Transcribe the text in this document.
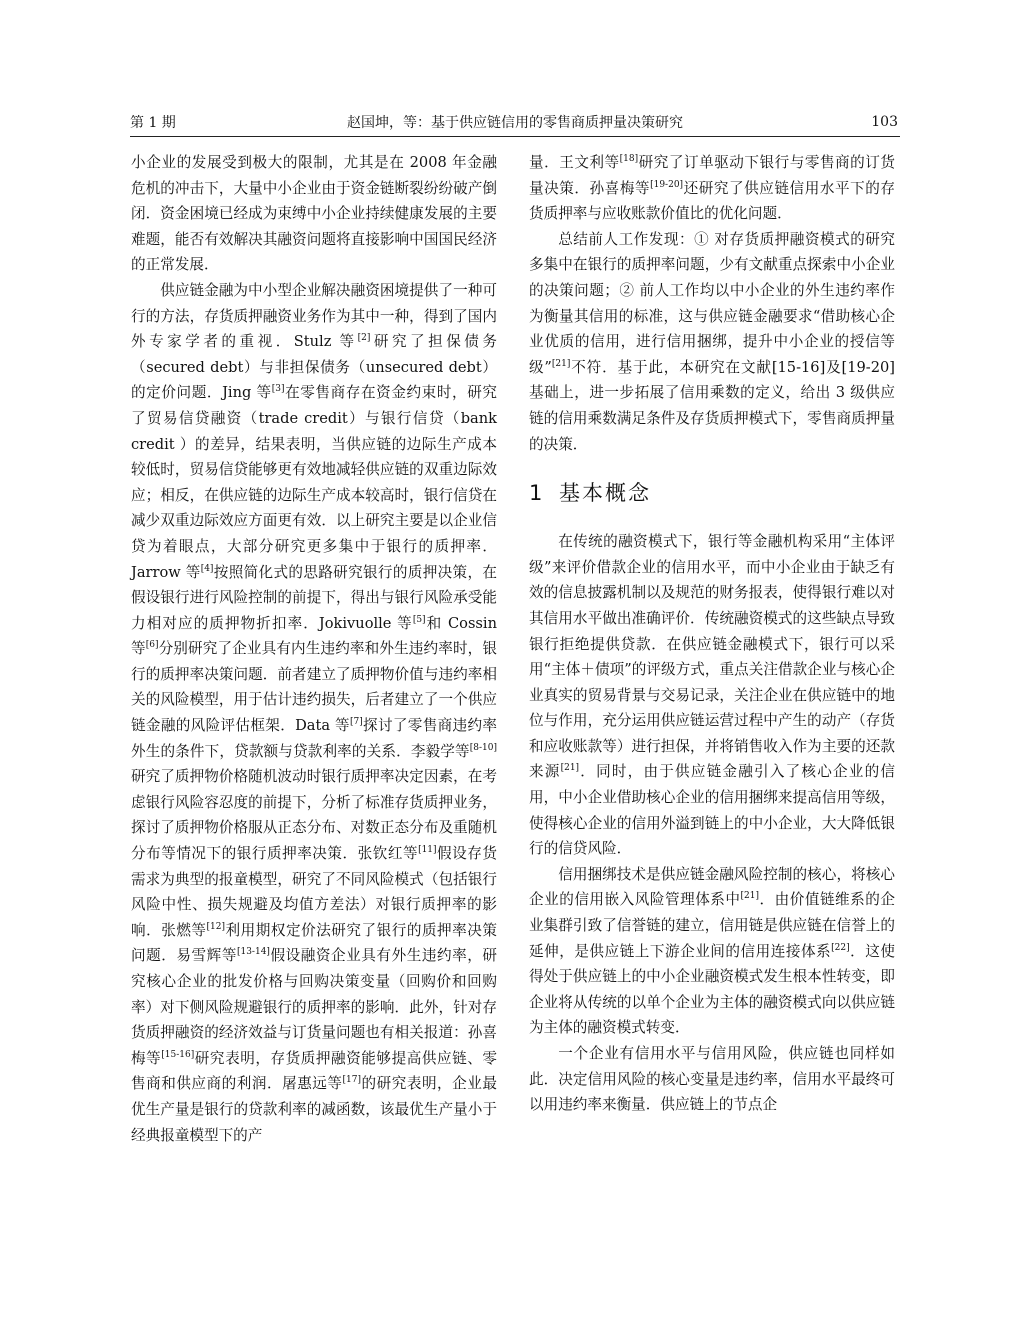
第 1 期	赵国坤，等：基于供应链信用的零售商质押量决策研究	103

小企业的发展受到极大的限制，尤其是在 2008 年金融危机的冲击下，大量中小企业由于资金链断裂纷纷破产倒闭．资金困境已经成为束缚中小企业持续健康发展的主要难题，能否有效解决其融资问题将直接影响中国国民经济的正常发展．

供应链金融为中小型企业解决融资困境提供了一种可行的方法，存货质押融资业务作为其中一种，得到了国内外专家学者的重视．Stulz 等[2]研究了担保债务（secured debt）与非担保债务（unsecured debt）的定价问题．Jing 等[3]在零售商存在资金约束时，研究了贸易信贷融资（trade credit）与银行信贷（bank credit ）的差异，结果表明，当供应链的边际生产成本较低时，贸易信贷能够更有效地减轻供应链的双重边际效应；相反，在供应链的边际生产成本较高时，银行信贷在减少双重边际效应方面更有效．以上研究主要是以企业信贷为着眼点，大部分研究更多集中于银行的质押率．Jarrow 等[4]按照简化式的思路研究银行的质押决策，在假设银行进行风险控制的前提下，得出与银行风险承受能力相对应的质押物折扣率．Jokivuolle 等[5]和 Cossin 等[6]分别研究了企业具有内生违约率和外生违约率时，银行的质押率决策问题．前者建立了质押物价值与违约率相关的风险模型，用于估计违约损失，后者建立了一个供应链金融的风险评估框架．Data 等[7]探讨了零售商违约率外生的条件下，贷款额与贷款利率的关系．李毅学等[8-10]研究了质押物价格随机波动时银行质押率决定因素，在考虑银行风险容忍度的前提下，分析了标准存货质押业务，探讨了质押物价格服从正态分布、对数正态分布及重随机分布等情况下的银行质押率决策．张钦红等[11]假设存货需求为典型的报童模型，研究了不同风险模式（包括银行风险中性、损失规避及均值方差法）对银行质押率的影响．张燃等[12]利用期权定价法研究了银行的质押率决策问题．易雪辉等[13-14]假设融资企业具有外生违约率，研究核心企业的批发价格与回购决策变量（回购价和回购率）对下侧风险规避银行的质押率的影响．此外，针对存货质押融资的经济效益与订货量问题也有相关报道：孙喜梅等[15-16]研究表明，存货质押融资能够提高供应链、零售商和供应商的利润．屠惠远等[17]的研究表明，企业最优生产量是银行的贷款利率的减函数，该最优生产量小于经典报童模型下的产

量．王文利等[18]研究了订单驱动下银行与零售商的订货量决策．孙喜梅等[19-20]还研究了供应链信用水平下的存货质押率与应收账款价值比的优化问题．

总结前人工作发现：① 对存货质押融资模式的研究多集中在银行的质押率问题，少有文献重点探索中小企业的决策问题；② 前人工作均以中小企业的外生违约率作为衡量其信用的标准，这与供应链金融要求“借助核心企业优质的信用，进行信用捆绑，提升中小企业的授信等级”[21]不符．基于此，本研究在文献[15-16]及[19-20]基础上，进一步拓展了信用乘数的定义，给出 3 级供应链的信用乘数满足条件及存货质押模式下，零售商质押量的决策．

1 基本概念

在传统的融资模式下，银行等金融机构采用“主体评级”来评价借款企业的信用水平，而中小企业由于缺乏有效的信息披露机制以及规范的财务报表，使得银行难以对其信用水平做出准确评价．传统融资模式的这些缺点导致银行拒绝提供贷款．在供应链金融模式下，银行可以采用“主体＋债项”的评级方式，重点关注借款企业与核心企业真实的贸易背景与交易记录，关注企业在供应链中的地位与作用，充分运用供应链运营过程中产生的动产（存货和应收账款等）进行担保，并将销售收入作为主要的还款来源[21]．同时，由于供应链金融引入了核心企业的信用，中小企业借助核心企业的信用捆绑来提高信用等级，使得核心企业的信用外溢到链上的中小企业，大大降低银行的信贷风险．

信用捆绑技术是供应链金融风险控制的核心，将核心企业的信用嵌入风险管理体系中[21]．由价值链维系的企业集群引致了信誉链的建立，信用链是供应链在信誉上的延伸，是供应链上下游企业间的信用连接体系[22]．这使得处于供应链上的中小企业融资模式发生根本性转变，即企业将从传统的以单个企业为主体的融资模式向以供应链为主体的融资模式转变．

一个企业有信用水平与信用风险，供应链也同样如此．决定信用风险的核心变量是违约率，信用水平最终可以用违约率来衡量．供应链上的节点企
